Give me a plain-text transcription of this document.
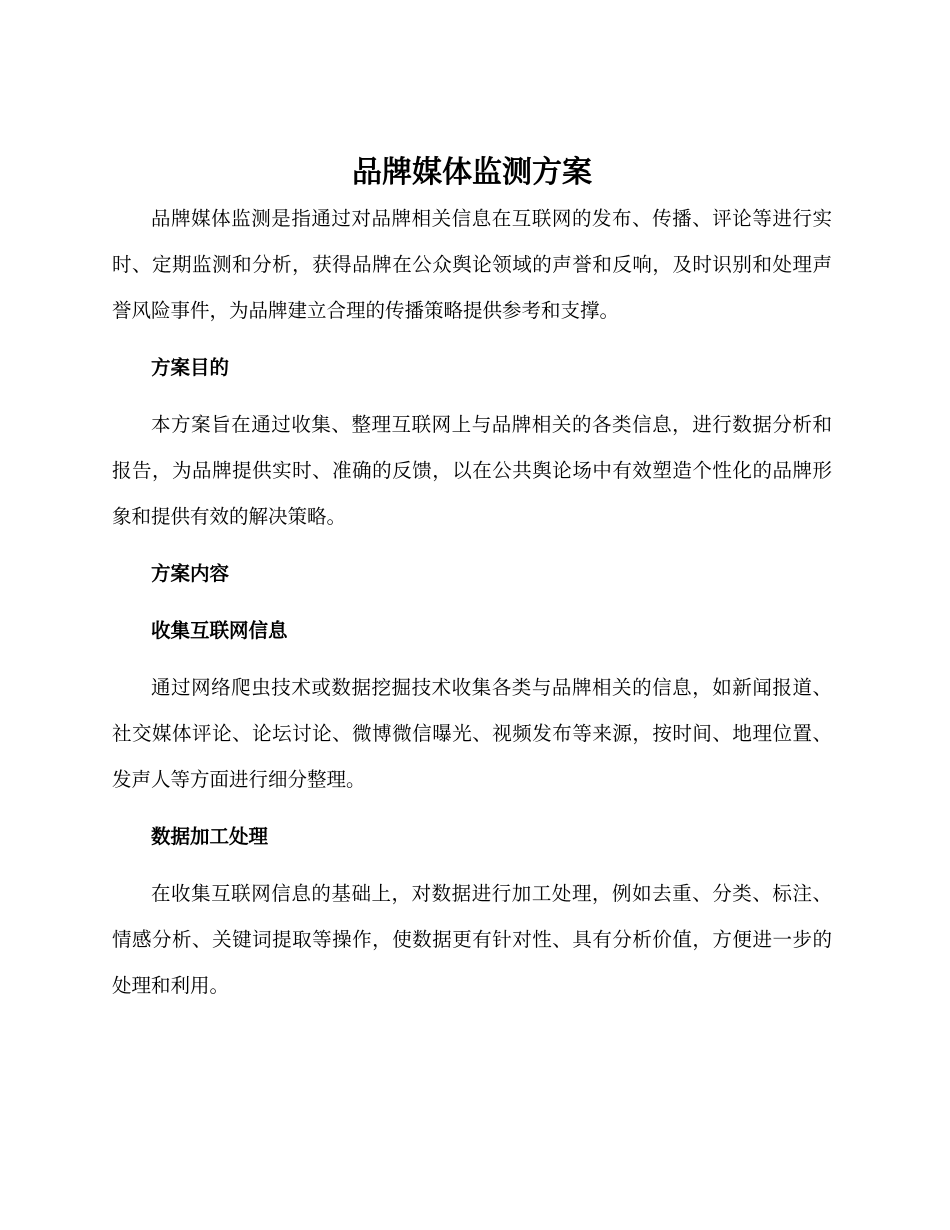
品牌媒体监测方案

品牌媒体监测是指通过对品牌相关信息在互联网的发布、传播、评论等进行实时、定期监测和分析，获得品牌在公众舆论领域的声誉和反响，及时识别和处理声誉风险事件，为品牌建立合理的传播策略提供参考和支撑。

方案目的

本方案旨在通过收集、整理互联网上与品牌相关的各类信息，进行数据分析和报告，为品牌提供实时、准确的反馈，以在公共舆论场中有效塑造个性化的品牌形象和提供有效的解决策略。

方案内容
收集互联网信息

通过网络爬虫技术或数据挖掘技术收集各类与品牌相关的信息，如新闻报道、社交媒体评论、论坛讨论、微博微信曝光、视频发布等来源，按时间、地理位置、发声人等方面进行细分整理。

数据加工处理

在收集互联网信息的基础上，对数据进行加工处理，例如去重、分类、标注、情感分析、关键词提取等操作，使数据更有针对性、具有分析价值，方便进一步的处理和利用。
